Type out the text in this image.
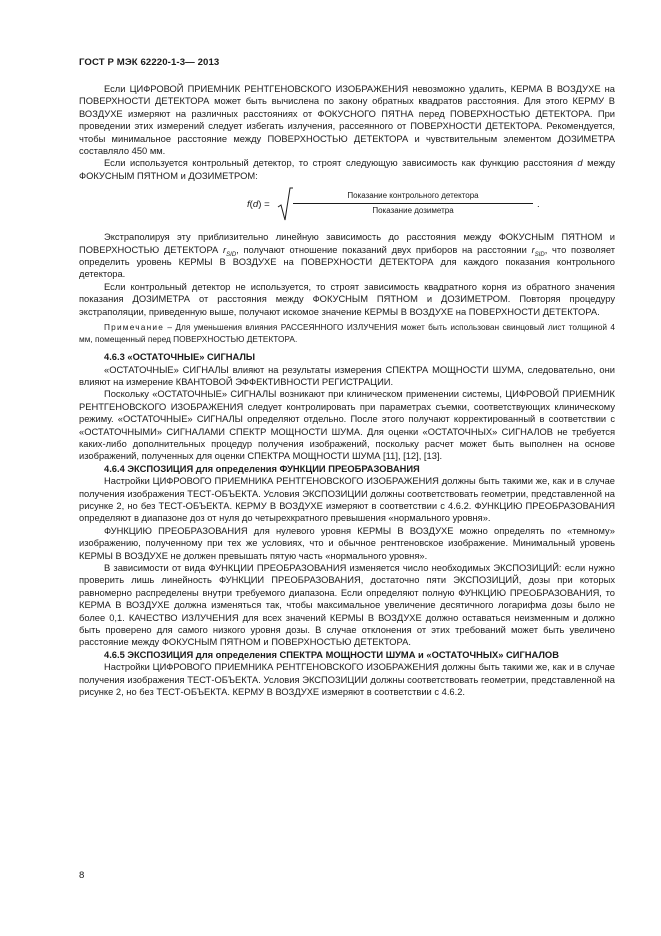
ГОСТ Р МЭК 62220-1-3— 2013

Если ЦИФРОВОЙ ПРИЕМНИК РЕНТГЕНОВСКОГО ИЗОБРАЖЕНИЯ невозможно удалить, КЕРМА В ВОЗДУХЕ на ПОВЕРХНОСТИ ДЕТЕКТОРА может быть вычислена по закону обратных квадратов расстояния. Для этого КЕРМУ В ВОЗДУХЕ измеряют на различных расстояниях от ФОКУСНОГО ПЯТНА перед ПОВЕРХНОСТЬЮ ДЕТЕКТОРА. При проведении этих измерений следует избегать излучения, рассеянного от ПОВЕРХНОСТИ ДЕТЕКТОРА. Рекомендуется, чтобы минимальное расстояние между ПОВЕРХНОСТЬЮ ДЕТЕКТОРА и чувствительным элементом ДОЗИМЕТРА составляло 450 мм.

Если используется контрольный детектор, то строят следующую зависимость как функцию расстояния d между ФОКУСНЫМ ПЯТНОМ и ДОЗИМЕТРОМ:

f(d) =
Показание контрольного детектора
Показание дозиметра
.

Экстраполируя эту приблизительно линейную зависимость до расстояния между ФОКУСНЫМ ПЯТНОМ и ПОВЕРХНОСТЬЮ ДЕТЕКТОРА $r_{SID}$, получают отношение показаний двух приборов на расстоянии $r_{SID}$, что позволяет определить уровень КЕРМЫ В ВОЗДУХЕ на ПОВЕРХНОСТИ ДЕТЕКТОРА для каждого показания контрольного детектора.

Если контрольный детектор не используется, то строят зависимость квадратного корня из обратного значения показания ДОЗИМЕТРА от расстояния между ФОКУСНЫМ ПЯТНОМ и ДОЗИМЕТРОМ. Повторяя процедуру экстраполяции, приведенную выше, получают искомое значение КЕРМЫ В ВОЗДУХЕ на ПОВЕРХНОСТИ ДЕТЕКТОРА.

Примечание – Для уменьшения влияния РАССЕЯННОГО ИЗЛУЧЕНИЯ может быть использован свинцовый лист толщиной 4 мм, помещенный перед ПОВЕРХНОСТЬЮ ДЕТЕКТОРА.

4.6.3 «ОСТАТОЧНЫЕ» СИГНАЛЫ

«ОСТАТОЧНЫЕ» СИГНАЛЫ влияют на результаты измерения СПЕКТРА МОЩНОСТИ ШУМА, следовательно, они влияют на измерение КВАНТОВОЙ ЭФФЕКТИВНОСТИ РЕГИСТРАЦИИ.

Поскольку «ОСТАТОЧНЫЕ» СИГНАЛЫ возникают при клиническом применении системы, ЦИФРОВОЙ ПРИЕМНИК РЕНТГЕНОВСКОГО ИЗОБРАЖЕНИЯ следует контролировать при параметрах съемки, соответствующих клиническому режиму. «ОСТАТОЧНЫЕ» СИГНАЛЫ определяют отдельно. После этого получают корректированный в соответствии с «ОСТАТОЧНЫМИ» СИГНАЛАМИ СПЕКТР МОЩНОСТИ ШУМА. Для оценки «ОСТАТОЧНЫХ» СИГНАЛОВ не требуется каких-либо дополнительных процедур получения изображений, поскольку расчет может быть выполнен на основе изображений, полученных для оценки СПЕКТРА МОЩНОСТИ ШУМА [11], [12], [13].

4.6.4 ЭКСПОЗИЦИЯ для определения ФУНКЦИИ ПРЕОБРАЗОВАНИЯ

Настройки ЦИФРОВОГО ПРИЕМНИКА РЕНТГЕНОВСКОГО ИЗОБРАЖЕНИЯ должны быть такими же, как и в случае получения изображения ТЕСТ-ОБЪЕКТА. Условия ЭКСПОЗИЦИИ должны соответствовать геометрии, представленной на рисунке 2, но без ТЕСТ-ОБЪЕКТА. КЕРМУ В ВОЗДУХЕ измеряют в соответствии с 4.6.2. ФУНКЦИЮ ПРЕОБРАЗОВАНИЯ определяют в диапазоне доз от нуля до четырехкратного превышения «нормального уровня».

ФУНКЦИЮ ПРЕОБРАЗОВАНИЯ для нулевого уровня КЕРМЫ В ВОЗДУХЕ можно определять по «темному» изображению, полученному при тех же условиях, что и обычное рентгеновское изображение. Минимальный уровень КЕРМЫ В ВОЗДУХЕ не должен превышать пятую часть «нормального уровня».

В зависимости от вида ФУНКЦИИ ПРЕОБРАЗОВАНИЯ изменяется число необходимых ЭКСПОЗИЦИЙ: если нужно проверить лишь линейность ФУНКЦИИ ПРЕОБРАЗОВАНИЯ, достаточно пяти ЭКСПОЗИЦИЙ, дозы при которых равномерно распределены внутри требуемого диапазона. Если определяют полную ФУНКЦИЮ ПРЕОБРАЗОВАНИЯ, то КЕРМА В ВОЗДУХЕ должна изменяться так, чтобы максимальное увеличение десятичного логарифма дозы было не более 0,1. КАЧЕСТВО ИЗЛУЧЕНИЯ для всех значений КЕРМЫ В ВОЗДУХЕ должно оставаться неизменным и должно быть проверено для самого низкого уровня дозы. В случае отклонения от этих требований может быть увеличено расстояние между ФОКУСНЫМ ПЯТНОМ и ПОВЕРХНОСТЬЮ ДЕТЕКТОРА.

4.6.5 ЭКСПОЗИЦИЯ для определения СПЕКТРА МОЩНОСТИ ШУМА и «ОСТАТОЧНЫХ» СИГНАЛОВ

Настройки ЦИФРОВОГО ПРИЕМНИКА РЕНТГЕНОВСКОГО ИЗОБРАЖЕНИЯ должны быть такими же, как и в случае получения изображения ТЕСТ-ОБЪЕКТА. Условия ЭКСПОЗИЦИИ должны соответствовать геометрии, представленной на рисунке 2, но без ТЕСТ-ОБЪЕКТА. КЕРМУ В ВОЗДУХЕ измеряют в соответствии с 4.6.2.

8
